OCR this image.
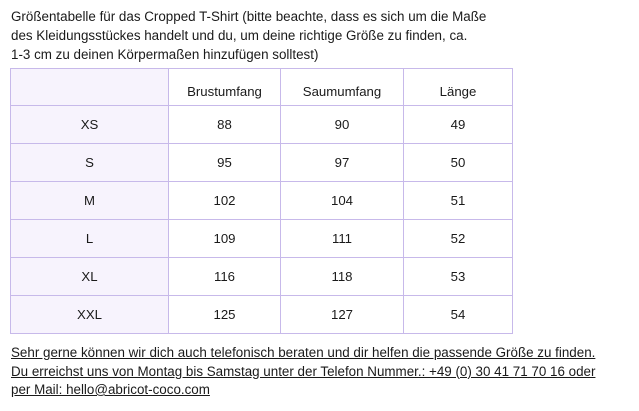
Größentabelle für das Cropped T-Shirt (bitte beachte, dass es sich um die Maße
des Kleidungsstückes handelt und du, um deine richtige Größe zu finden, ca.
1-3 cm zu deinen Körpermaßen hinzufügen solltest)
	Brustumfang	Saumumfang	Länge
XS	88	90	49
S	95	97	50
M	102	104	51
L	109	111	52
XL	116	118	53
XXL	125	127	54
Sehr gerne können wir dich auch telefonisch beraten und dir helfen die passende Größe zu finden.
Du erreichst uns von Montag bis Samstag unter der Telefon Nummer.: +49 (0) 30 41 71 70 16 oder
per Mail: hello@abricot-coco.com
